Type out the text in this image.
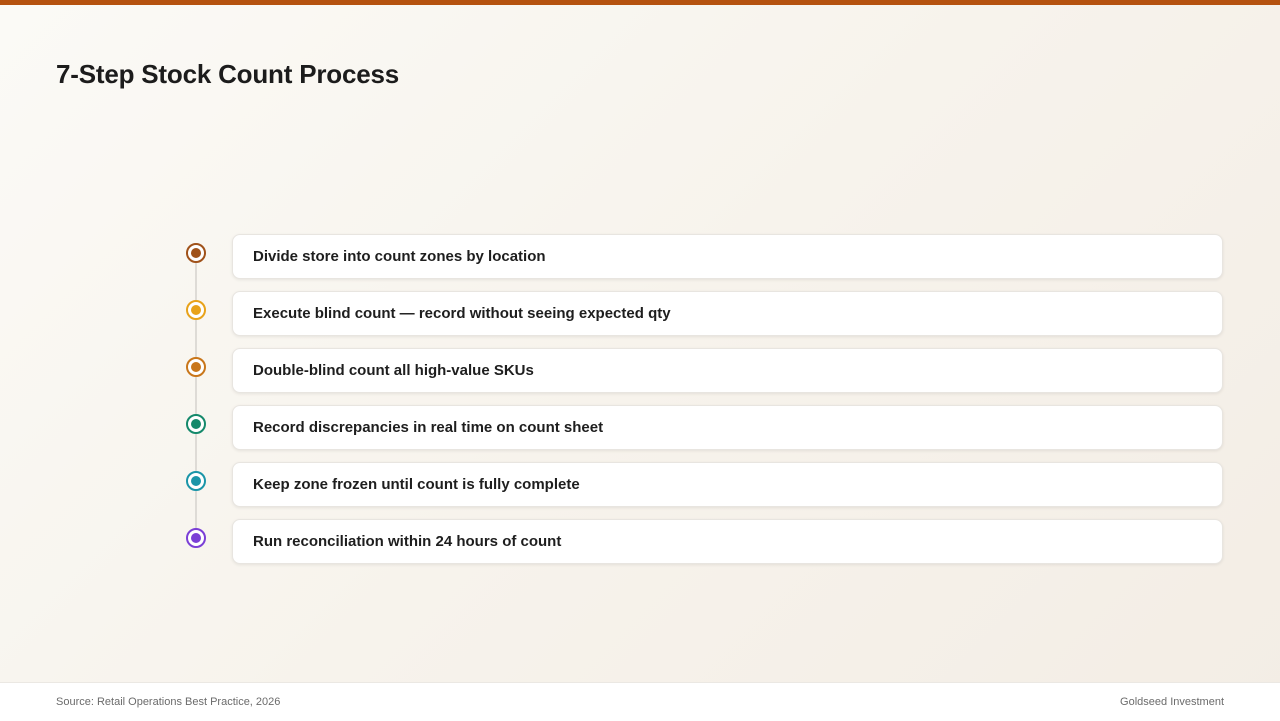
7-Step Stock Count Process
Divide store into count zones by location
Execute blind count — record without seeing expected qty
Double-blind count all high-value SKUs
Record discrepancies in real time on count sheet
Keep zone frozen until count is fully complete
Run reconciliation within 24 hours of count
Source: Retail Operations Best Practice, 2026	Goldseed Investment
